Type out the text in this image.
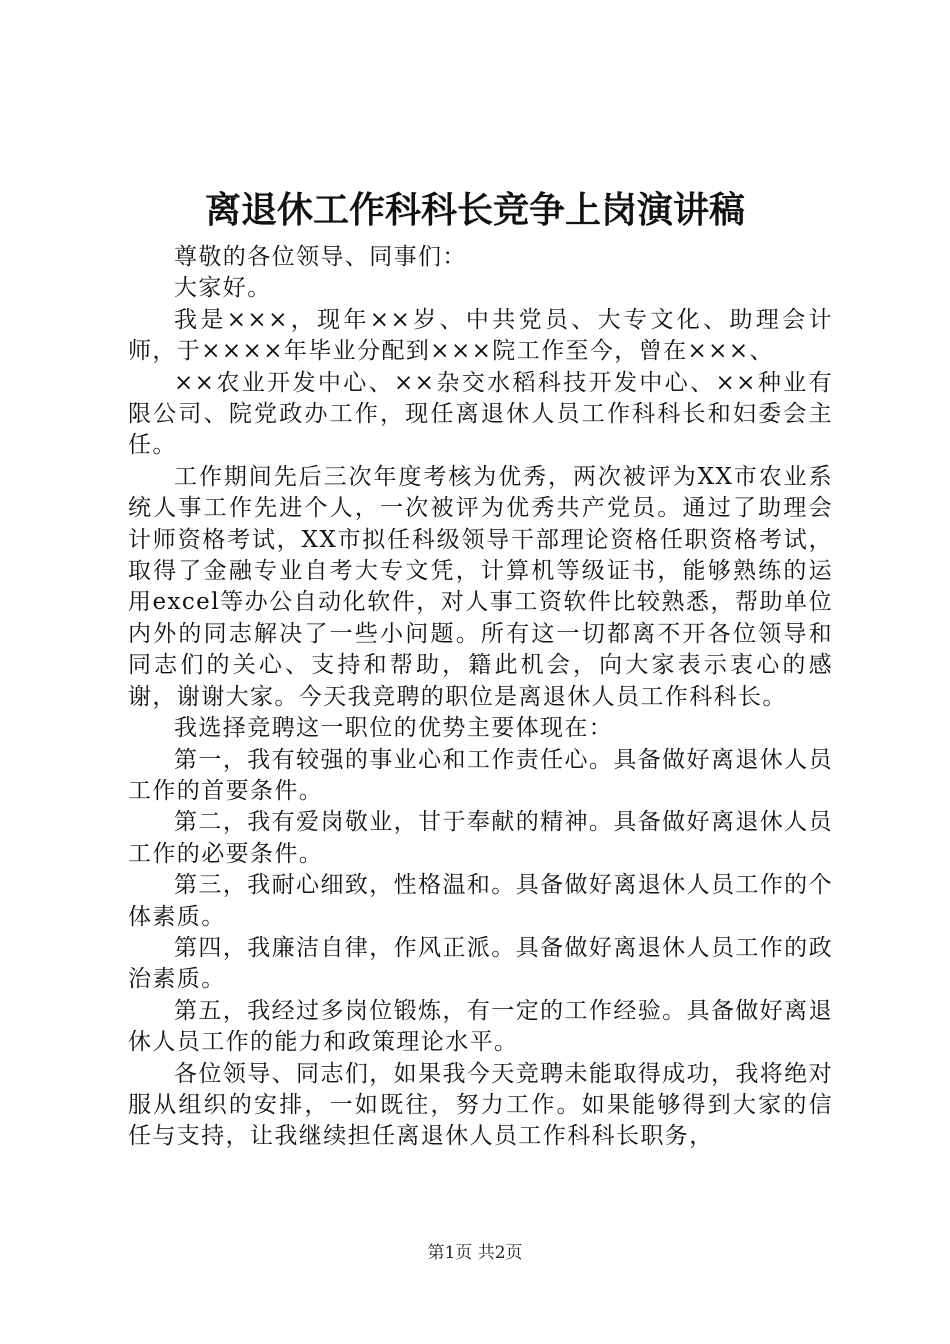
离退休工作科科长竞争上岗演讲稿

尊敬的各位领导、同事们：

大家好。

我是×××，现年××岁、中共党员、大专文化、助理会计师，于××××年毕业分配到×××院工作至今，曾在×××、

××农业开发中心、××杂交水稻科技开发中心、××种业有限公司、院党政办工作，现任离退休人员工作科科长和妇委会主任。

工作期间先后三次年度考核为优秀，两次被评为XX市农业系统人事工作先进个人，一次被评为优秀共产党员。通过了助理会计师资格考试，XX市拟任科级领导干部理论资格任职资格考试，取得了金融专业自考大专文凭，计算机等级证书，能够熟练的运用excel等办公自动化软件，对人事工资软件比较熟悉，帮助单位内外的同志解决了一些小问题。所有这一切都离不开各位领导和同志们的关心、支持和帮助，籍此机会，向大家表示衷心的感谢，谢谢大家。今天我竞聘的职位是离退休人员工作科科长。

我选择竞聘这一职位的优势主要体现在：

第一，我有较强的事业心和工作责任心。具备做好离退休人员工作的首要条件。

第二，我有爱岗敬业，甘于奉献的精神。具备做好离退休人员工作的必要条件。

第三，我耐心细致，性格温和。具备做好离退休人员工作的个体素质。

第四，我廉洁自律，作风正派。具备做好离退休人员工作的政治素质。

第五，我经过多岗位锻炼，有一定的工作经验。具备做好离退休人员工作的能力和政策理论水平。

各位领导、同志们，如果我今天竞聘未能取得成功，我将绝对服从组织的安排，一如既往，努力工作。如果能够得到大家的信任与支持，让我继续担任离退休人员工作科科长职务，

第1页 共2页
